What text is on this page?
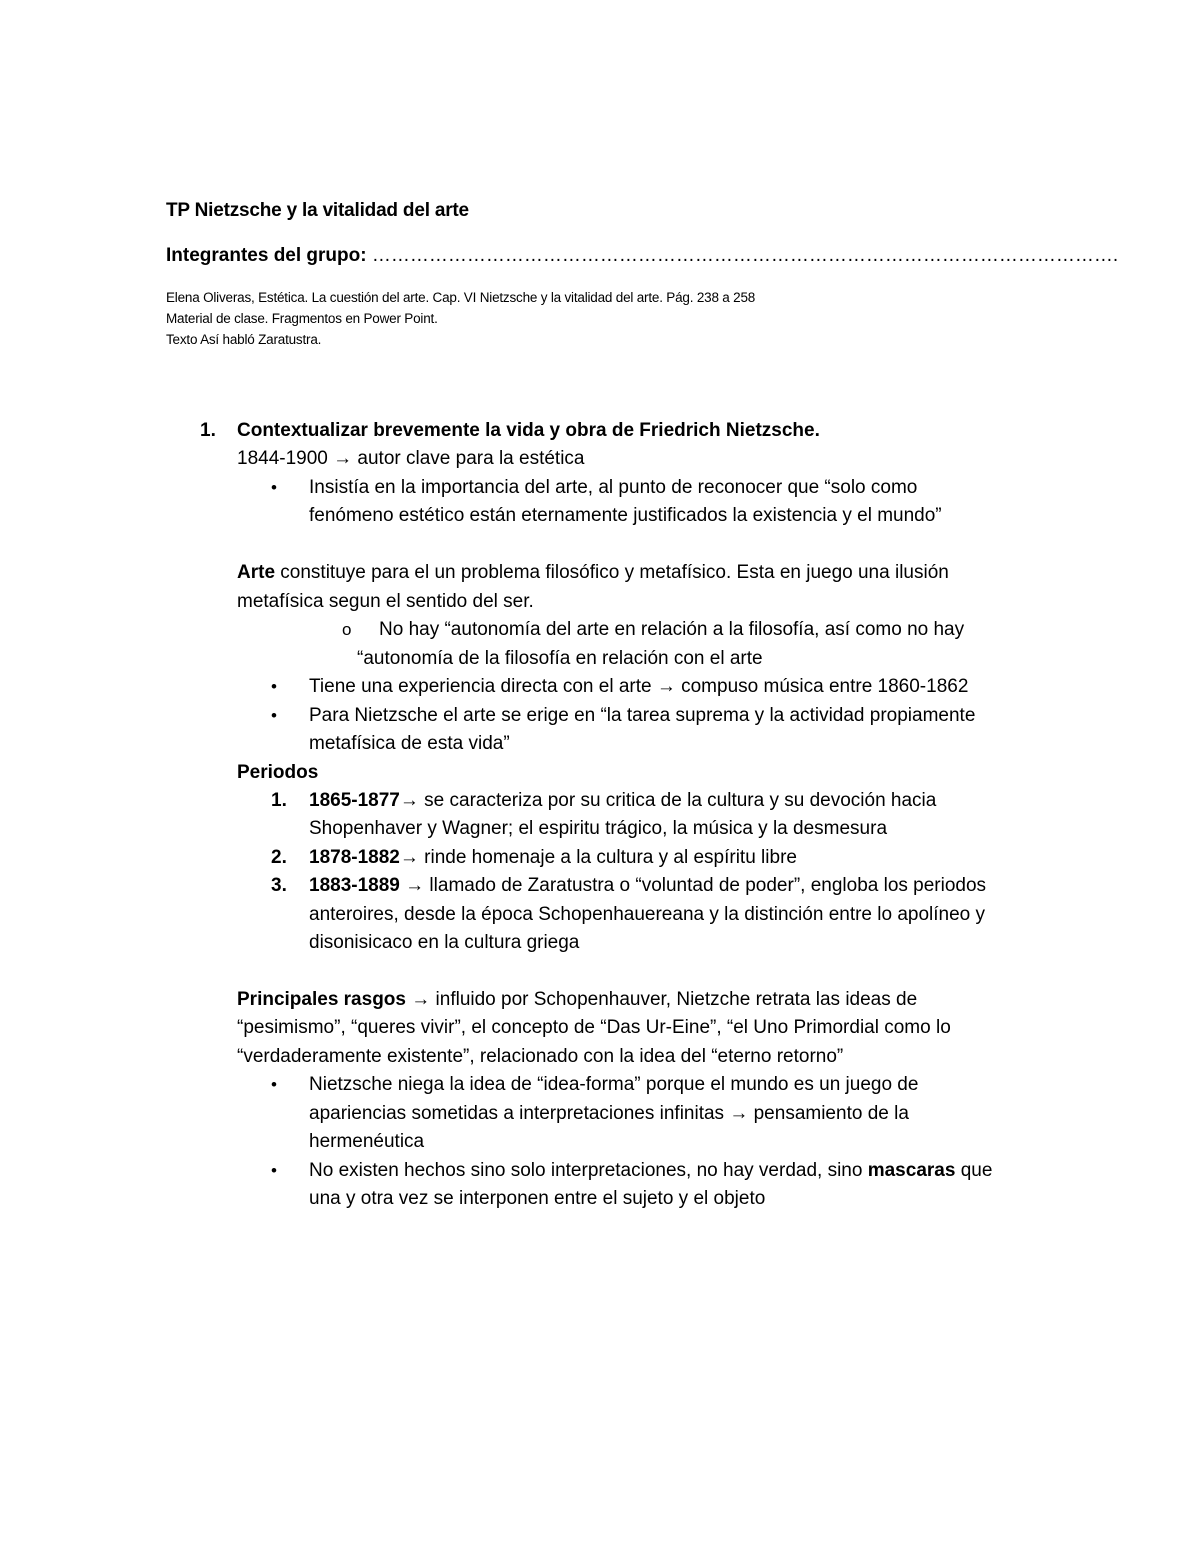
TP Nietzsche y la vitalidad del arte
Integrantes del grupo: ……………………………………………………………………………………………………….
Elena Oliveras, Estética. La cuestión del arte. Cap. VI Nietzsche y la vitalidad del arte. Pág. 238 a 258
Material de clase. Fragmentos en Power Point.
Texto Así habló Zaratustra.
1. Contextualizar brevemente la vida y obra de Friedrich Nietzsche.
1844-1900 → autor clave para la estética
• Insistía en la importancia del arte, al punto de reconocer que “solo como
fenómeno estético están eternamente justificados la existencia y el mundo”
Arte constituye para el un problema filosófico y metafísico. Esta en juego una ilusión
metafísica segun el sentido del ser.
o No hay “autonomía del arte en relación a la filosofía, así como no hay
“autonomía de la filosofía en relación con el arte
• Tiene una experiencia directa con el arte → compuso música entre 1860-1862
• Para Nietzsche el arte se erige en “la tarea suprema y la actividad propiamente
metafísica de esta vida”
Periodos
1. 1865-1877→ se caracteriza por su critica de la cultura y su devoción hacia
Shopenhaver y Wagner; el espiritu trágico, la música y la desmesura
2. 1878-1882→ rinde homenaje a la cultura y al espíritu libre
3. 1883-1889 → llamado de Zaratustra o “voluntad de poder”, engloba los periodos
anteroires, desde la época Schopenhauereana y la distinción entre lo apolíneo y
disonisicaco en la cultura griega
Principales rasgos → influido por Schopenhauver, Nietzche retrata las ideas de
“pesimismo”, “queres vivir”, el concepto de “Das Ur-Eine”, “el Uno Primordial como lo
“verdaderamente existente”, relacionado con la idea del “eterno retorno”
• Nietzsche niega la idea de “idea-forma” porque el mundo es un juego de
apariencias sometidas a interpretaciones infinitas → pensamiento de la
hermenéutica
• No existen hechos sino solo interpretaciones, no hay verdad, sino mascaras que
una y otra vez se interponen entre el sujeto y el objeto
